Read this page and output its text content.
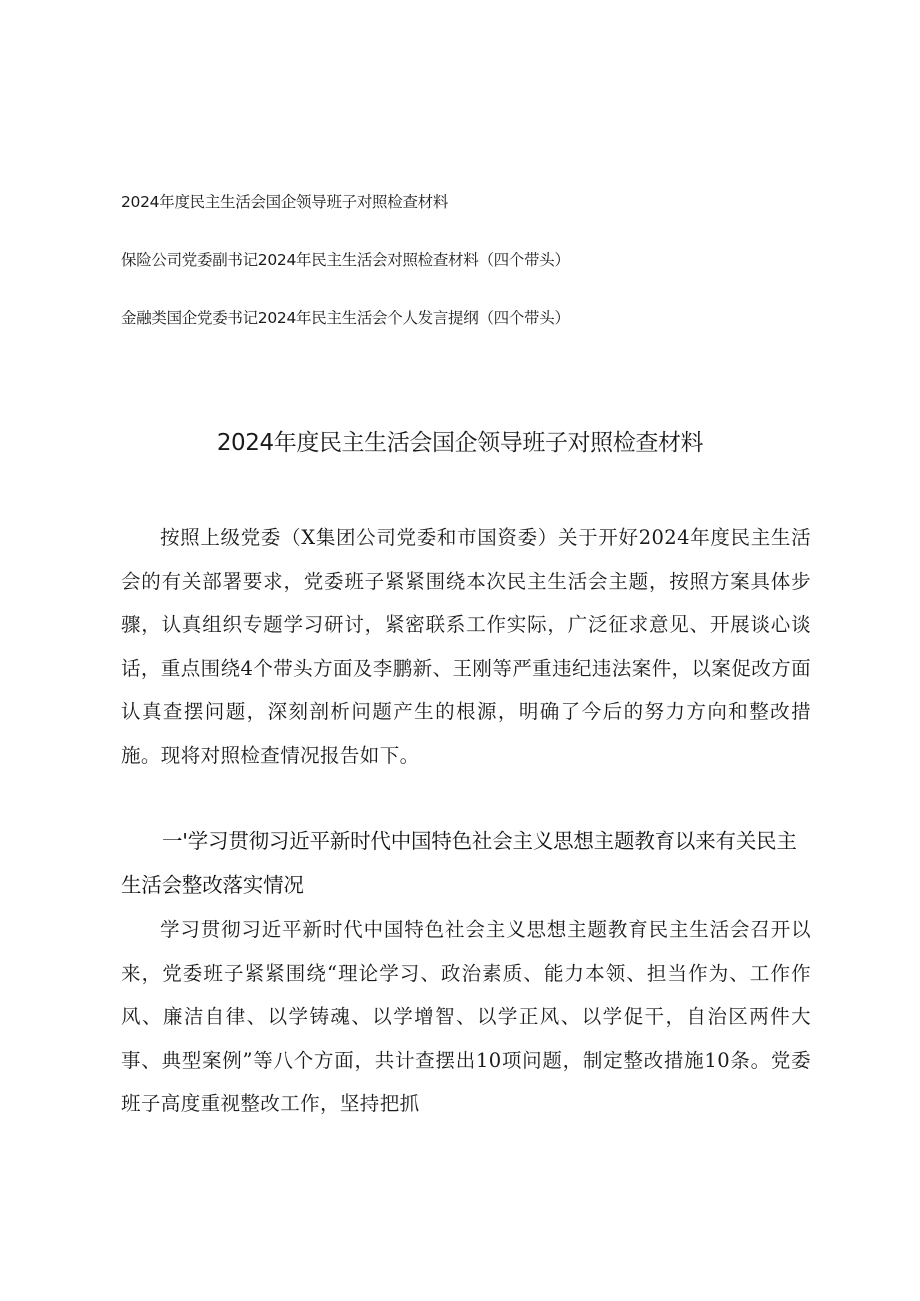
2024年度民主生活会国企领导班子对照检查材料
保险公司党委副书记2024年民主生活会对照检查材料（四个带头）
金融类国企党委书记2024年民主生活会个人发言提纲（四个带头）
2024年度民主生活会国企领导班子对照检查材料

按照上级党委（X集团公司党委和市国资委）关于开好2024年度民主生活会的有关部署要求，党委班子紧紧围绕本次民主生活会主题，按照方案具体步骤，认真组织专题学习研讨，紧密联系工作实际，广泛征求意见、开展谈心谈话，重点围绕4个带头方面及李鹏新、王刚等严重违纪违法案件，以案促改方面认真查摆问题，深刻剖析问题产生的根源，明确了今后的努力方向和整改措施。现将对照检查情况报告如下。

一'学习贯彻习近平新时代中国特色社会主义思想主题教育以来有关民主生活会整改落实情况

学习贯彻习近平新时代中国特色社会主义思想主题教育民主生活会召开以来，党委班子紧紧围绕“理论学习、政治素质、能力本领、担当作为、工作作风、廉洁自律、以学铸魂、以学增智、以学正风、以学促干，自治区两件大事、典型案例”等八个方面，共计查摆出10项问题，制定整改措施10条。党委班子高度重视整改工作，坚持把抓
